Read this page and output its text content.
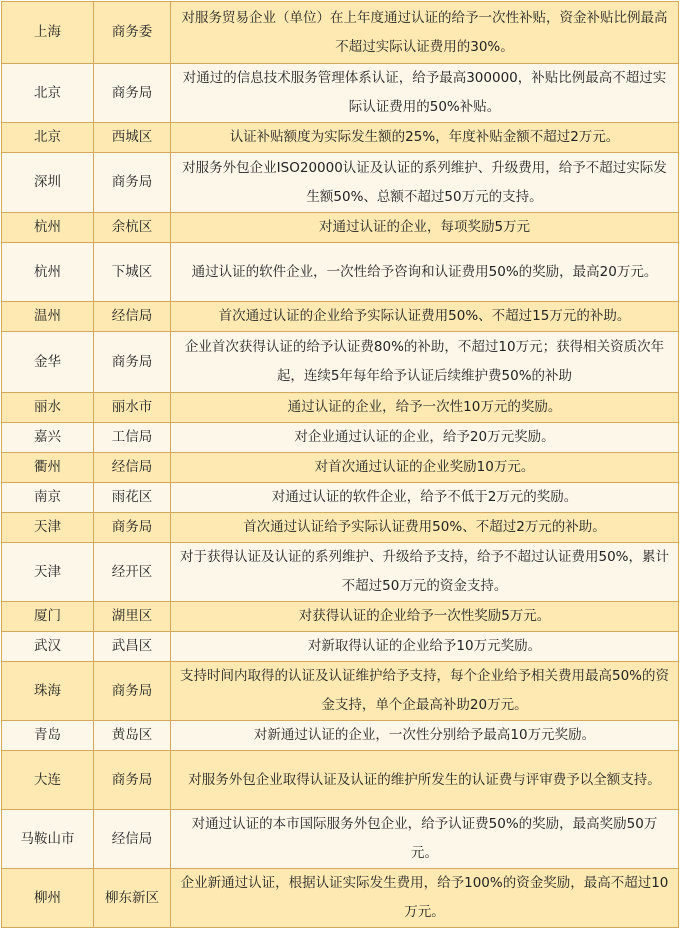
上海	商务委	对服务贸易企业（单位）在上年度通过认证的给予一次性补贴，资金补贴比例最高不超过实际认证费用的30%。
北京	商务局	对通过的信息技术服务管理体系认证，给予最高300000，补贴比例最高不超过实际认证费用的50%补贴。
北京	西城区	认证补贴额度为实际发生额的25%，年度补贴金额不超过2万元。
深圳	商务局	对服务外包企业ISO20000认证及认证的系列维护、升级费用，给予不超过实际发生额50%、总额不超过50万元的支持。
杭州	余杭区	对通过认证的企业，每项奖励5万元
杭州	下城区	通过认证的软件企业，一次性给予咨询和认证费用50%的奖励，最高20万元。
温州	经信局	首次通过认证的企业给予实际认证费用50%、不超过15万元的补助。
金华	商务局	企业首次获得认证的给予认证费80%的补助，不超过10万元；获得相关资质次年起，连续5年每年给予认证后续维护费50%的补助
丽水	丽水市	通过认证的企业，给予一次性10万元的奖励。
嘉兴	工信局	对企业通过认证的企业，给予20万元奖励。
衢州	经信局	对首次通过认证的企业奖励10万元。
南京	雨花区	对通过认证的软件企业，给予不低于2万元的奖励。
天津	商务局	首次通过认证给予实际认证费用50%、不超过2万元的补助。
天津	经开区	对于获得认证及认证的系列维护、升级给予支持，给予不超过认证费用50%，累计不超过50万元的资金支持。
厦门	湖里区	对获得认证的企业给予一次性奖励5万元。
武汉	武昌区	对新取得认证的企业给予10万元奖励。
珠海	商务局	支持时间内取得的认证及认证维护给予支持，每个企业给予相关费用最高50%的资金支持，单个企最高补助20万元。
青岛	黄岛区	对新通过认证的企业，一次性分别给予最高10万元奖励。
大连	商务局	对服务外包企业取得认证及认证的维护所发生的认证费与评审费予以全额支持。
马鞍山市	经信局	对通过认证的本市国际服务外包企业，给予认证费50%的奖励，最高奖励50万元。
柳州	柳东新区	企业新通过认证，根据认证实际发生费用，给予100%的资金奖励，最高不超过10万元。
